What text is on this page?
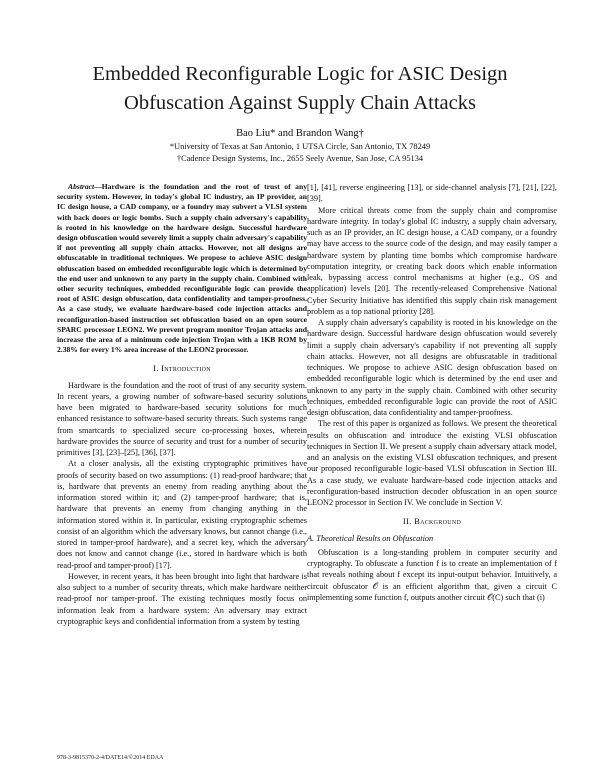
Embedded Reconfigurable Logic for ASIC Design
Obfuscation Against Supply Chain Attacks
Bao Liu* and Brandon Wang†
*University of Texas at San Antonio, 1 UTSA Circle, San Antonio, TX 78249
†Cadence Design Systems, Inc., 2655 Seely Avenue, San Jose, CA 95134

Abstract—Hardware is the foundation and the root of trust of any security system. However, in today's global IC industry, an IP provider, an IC design house, a CAD company, or a foundry may subvert a VLSI system with back doors or logic bombs. Such a supply chain adversary's capability is rooted in his knowledge on the hardware design. Successful hardware design obfuscation would severely limit a supply chain adversary's capability if not preventing all supply chain attacks. However, not all designs are obfuscatable in traditional techniques. We propose to achieve ASIC design obfuscation based on embedded reconfigurable logic which is determined by the end user and unknown to any party in the supply chain. Combined with other security techniques, embedded reconfigurable logic can provide the root of ASIC design obfuscation, data confidentiality and tamper-proofness. As a case study, we evaluate hardware-based code injection attacks and reconfiguration-based instruction set obfuscation based on an open source SPARC processor LEON2. We prevent program monitor Trojan attacks and increase the area of a minimum code injection Trojan with a 1KB ROM by 2.38% for every 1% area increase of the LEON2 processor.

I. Introduction

Hardware is the foundation and the root of trust of any security system. In recent years, a growing number of software-based security solutions have been migrated to hardware-based security solutions for much enhanced resistance to software-based security threats. Such systems range from smartcards to specialized secure co-processing boxes, wherein hardware provides the source of security and trust for a number of security primitives [3], [23]–[25], [36], [37].

At a closer analysis, all the existing cryptographic primitives have proofs of security based on two assumptions: (1) read-proof hardware; that is, hardware that prevents an enemy from reading anything about the information stored within it; and (2) tamper-proof hardware; that is, hardware that prevents an enemy from changing anything in the information stored within it. In particular, existing cryptographic schemes consist of an algorithm which the adversary knows, but cannot change (i.e., stored in tamper-proof hardware), and a secret key, which the adversary does not know and cannot change (i.e., stored in hardware which is both read-proof and tamper-proof) [17].

However, in recent years, it has been brought into light that hardware is also subject to a number of security threats, which make hardware neither read-proof nor tamper-proof. The existing techniques mostly focus on information leak from a hardware system: An adversary may extract cryptographic keys and confidential information from a system by testing

[1], [41], reverse engineering [13], or side-channel analysis [7], [21], [22], [39].

More critical threats come from the supply chain and compromise hardware integrity. In today's global IC industry, a supply chain adversary, such as an IP provider, an IC design house, a CAD company, or a foundry may have access to the source code of the design, and may easily tamper a hardware system by planting time bombs which compromise hardware computation integrity, or creating back doors which enable information leak, bypassing access control mechanisms at higher (e.g., OS and application) levels [20]. The recently-released Comprehensive National Cyber Security Initiative has identified this supply chain risk management problem as a top national priority [28].

A supply chain adversary's capability is rooted in his knowledge on the hardware design. Successful hardware design obfuscation would severely limit a supply chain adversary's capability if not preventing all supply chain attacks. However, not all designs are obfuscatable in traditional techniques. We propose to achieve ASIC design obfuscation based on embedded reconfigurable logic which is determined by the end user and unknown to any party in the supply chain. Combined with other security techniques, embedded reconfigurable logic can provide the root of ASIC design obfuscation, data confidentiality and tamper-proofness.

The rest of this paper is organized as follows. We present the theoretical results on obfuscation and introduce the existing VLSI obfuscation techniques in Section II. We present a supply chain adversary attack model, and an analysis on the existing VLSI obfuscation techniques, and present our proposed reconfigurable logic-based VLSI obfuscation in Section III. As a case study, we evaluate hardware-based code injection attacks and reconfiguration-based instruction decoder obfuscation in an open source LEON2 processor in Section IV. We conclude in Section V.

II. Background

A. Theoretical Results on Obfuscation

Obfuscation is a long-standing problem in computer security and cryptography. To obfuscate a function f is to create an implementation of f that reveals nothing about f except its input-output behavior. Intuitively, a circuit obfuscator 𝒪 is an efficient algorithm that, given a circuit C implementing some function f, outputs another circuit 𝒪(C) such that (i)

978-3-9815370-2-4/DATE14/©2014 EDAA
